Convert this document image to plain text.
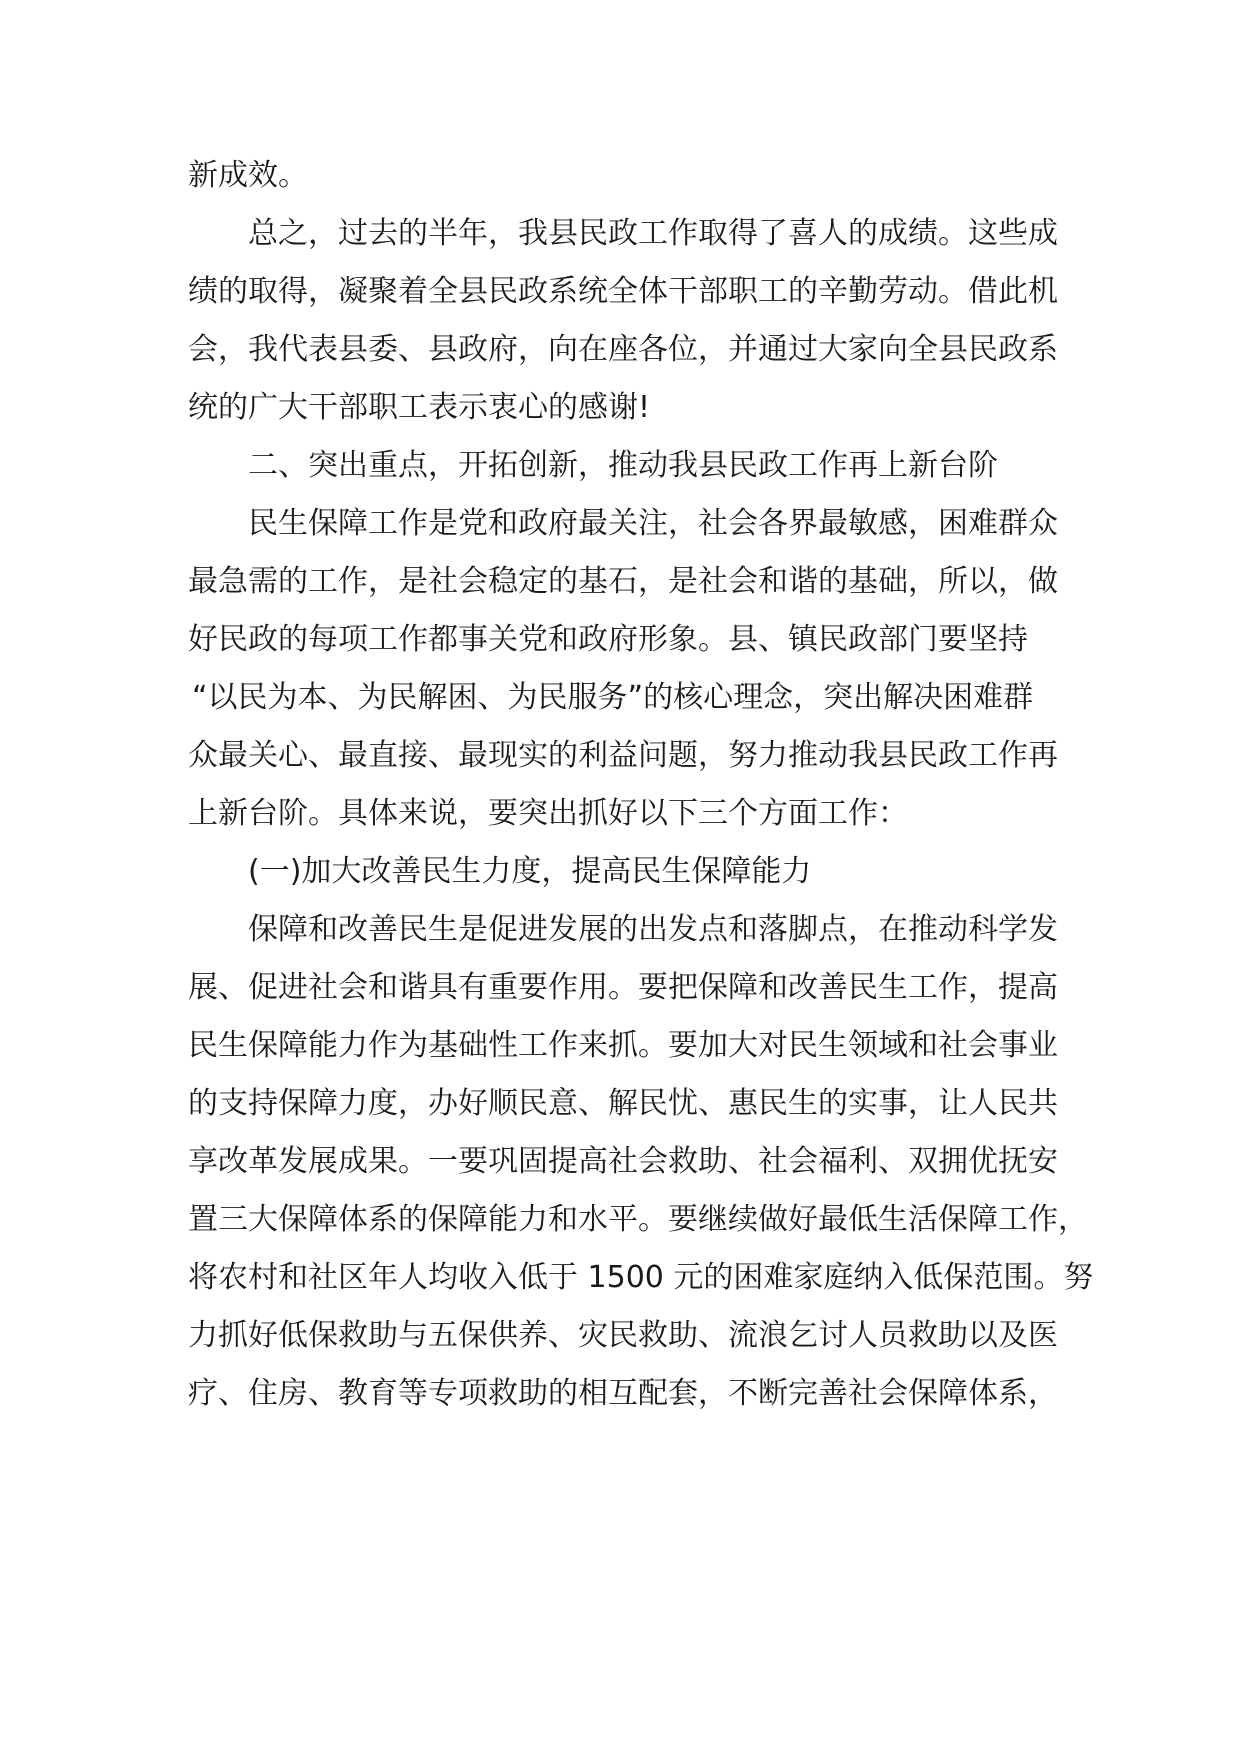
新成效。

总之，过去的半年，我县民政工作取得了喜人的成绩。这些成

绩的取得，凝聚着全县民政系统全体干部职工的辛勤劳动。借此机

会，我代表县委、县政府，向在座各位，并通过大家向全县民政系

统的广大干部职工表示衷心的感谢!

二、突出重点，开拓创新，推动我县民政工作再上新台阶

民生保障工作是党和政府最关注，社会各界最敏感，困难群众

最急需的工作，是社会稳定的基石，是社会和谐的基础，所以，做

好民政的每项工作都事关党和政府形象。县、镇民政部门要坚持

“以民为本、为民解困、为民服务”的核心理念，突出解决困难群

众最关心、最直接、最现实的利益问题，努力推动我县民政工作再

上新台阶。具体来说，要突出抓好以下三个方面工作：

(一)加大改善民生力度，提高民生保障能力

保障和改善民生是促进发展的出发点和落脚点，在推动科学发

展、促进社会和谐具有重要作用。要把保障和改善民生工作，提高

民生保障能力作为基础性工作来抓。要加大对民生领域和社会事业

的支持保障力度，办好顺民意、解民忧、惠民生的实事，让人民共

享改革发展成果。一要巩固提高社会救助、社会福利、双拥优抚安

置三大保障体系的保障能力和水平。要继续做好最低生活保障工作，

将农村和社区年人均收入低于 1500 元的困难家庭纳入低保范围。努

力抓好低保救助与五保供养、灾民救助、流浪乞讨人员救助以及医

疗、住房、教育等专项救助的相互配套，不断完善社会保障体系，
